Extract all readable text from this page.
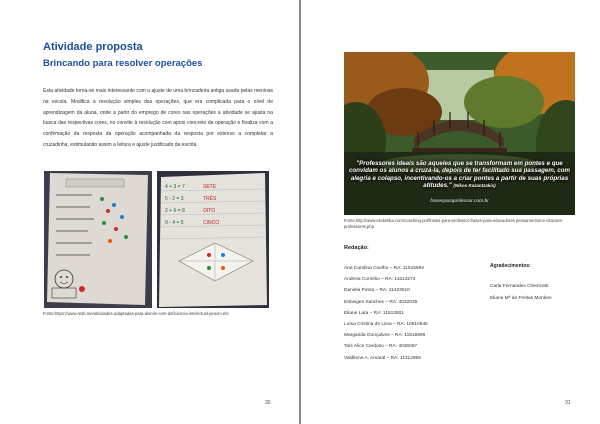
Atividade proposta
Brincando para resolver operações
Esta atividade torna-se mais interessante com o ajuste de uma brincadeira antiga usada pelas meninas na escola. Modifica a resolução simples das operações, que era complicada para o nível de aprendizagem da aluna, onde a partir do emprego de cores nas operações a atividade se ajusta na busca das respectivas cores, no convite à resolução com apoio concreto da operação e finaliza com a confirmação da resposta da operação acompanhada da resposta por extenso a completar a cruzadinha, estimulando assim a leitura e ajuste justificado da escrita.
4 + 3 = 7
5 - 2 = 3
2 + 6 = 8
9 - 4 = 5
SETE
TRÊS
OITO
CINCO
Fonte:https://www.resb.me/atividades-adaptadas-para-alunos-com-deficiencia-intelectual-janeiro.ebi
30
"Professores ideais são aqueles que se transformam em pontes e que convidam os alunos a cruzá-la, depois de ter facilitado sua passagem, com alegria e colapso, incentivando-os a criar pontes a partir de suas próprias atitudes." (Nikos Kazantzakis)
frasesparaprofessor.com.br
Fonte:http://www.escketika.com/coaching-pnl/frases-para-professor-frases-para-educadores pensamentos-e-citacoes-professores.php
Redação:
Ana Carolina Coelho – RA: 11515994
Andreia Cornélio – RA: 11513274
Daniela Pintra – RA: 11423010
Edneiges Sanches – RA: 4032035
Eliane Lara – RA: 11513901
Luísa Cristina de Lima – RA: 10810545
Margarida Gonçalves – RA: 11515996
Taís Alice Cardoso – RA: 4036067
Valdilene A. Amaral – RA: 11312955
Agradecimentos:
Carla Fernandes Chiericatti
Eliane Mª de Freitas Monken
31
